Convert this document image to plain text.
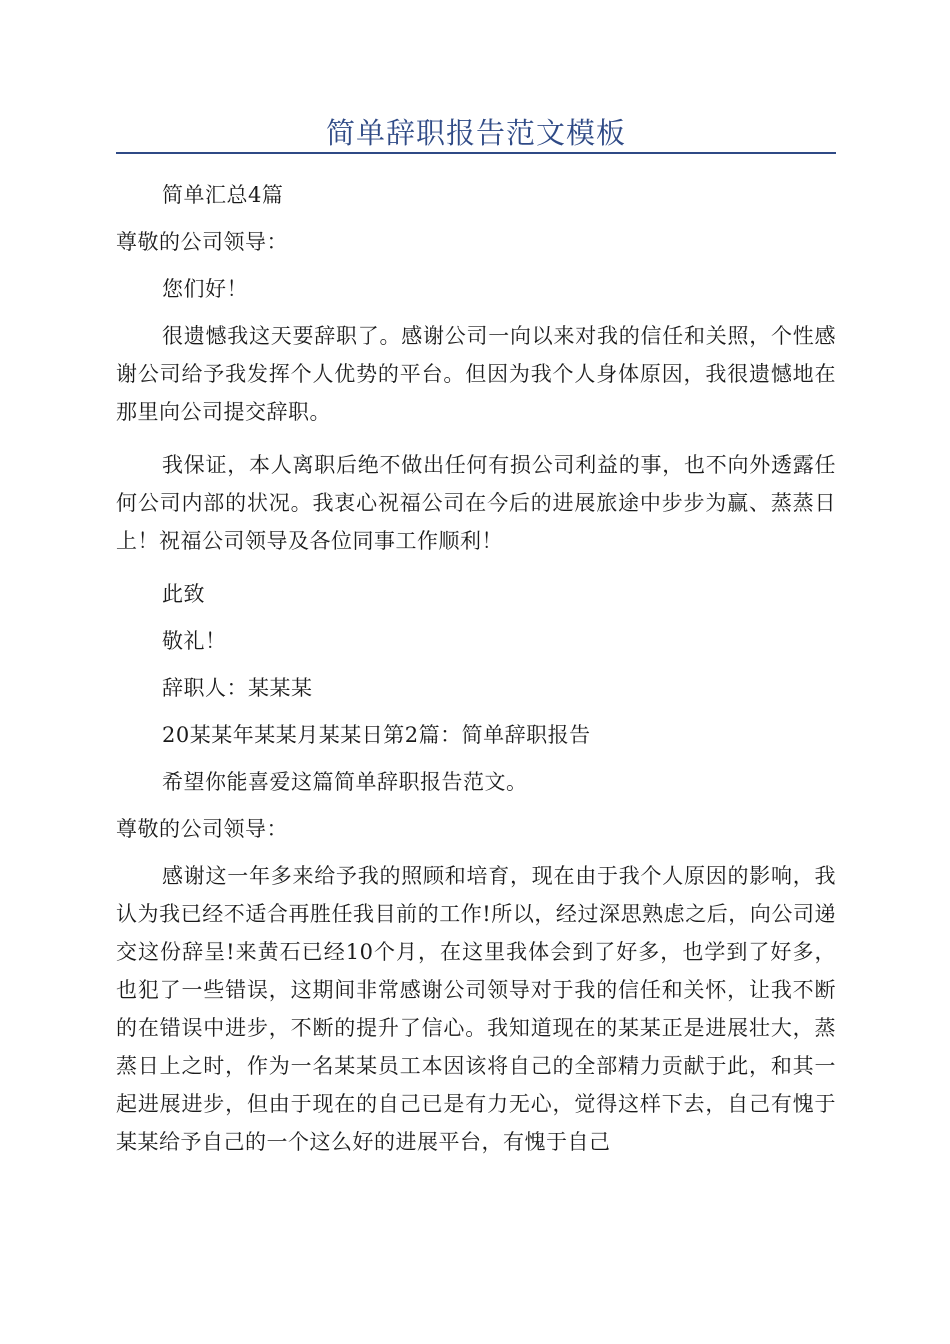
简单辞职报告范文模板

简单汇总4篇

尊敬的公司领导：

您们好！

很遗憾我这天要辞职了。感谢公司一向以来对我的信任和关照，个性感谢公司给予我发挥个人优势的平台。但因为我个人身体原因，我很遗憾地在那里向公司提交辞职。

我保证，本人离职后绝不做出任何有损公司利益的事，也不向外透露任何公司内部的状况。我衷心祝福公司在今后的进展旅途中步步为赢、蒸蒸日上！祝福公司领导及各位同事工作顺利！

此致

敬礼！

辞职人：某某某

20某某年某某月某某日第2篇：简单辞职报告

希望你能喜爱这篇简单辞职报告范文。

尊敬的公司领导：

感谢这一年多来给予我的照顾和培育，现在由于我个人原因的影响，我认为我已经不适合再胜任我目前的工作!所以，经过深思熟虑之后，向公司递交这份辞呈!来黄石已经10个月，在这里我体会到了好多，也学到了好多，也犯了一些错误，这期间非常感谢公司领导对于我的信任和关怀，让我不断的在错误中进步，不断的提升了信心。我知道现在的某某正是进展壮大，蒸蒸日上之时，作为一名某某员工本因该将自己的全部精力贡献于此，和其一起进展进步，但由于现在的自己已是有力无心，觉得这样下去，自己有愧于某某给予自己的一个这么好的进展平台，有愧于自己
